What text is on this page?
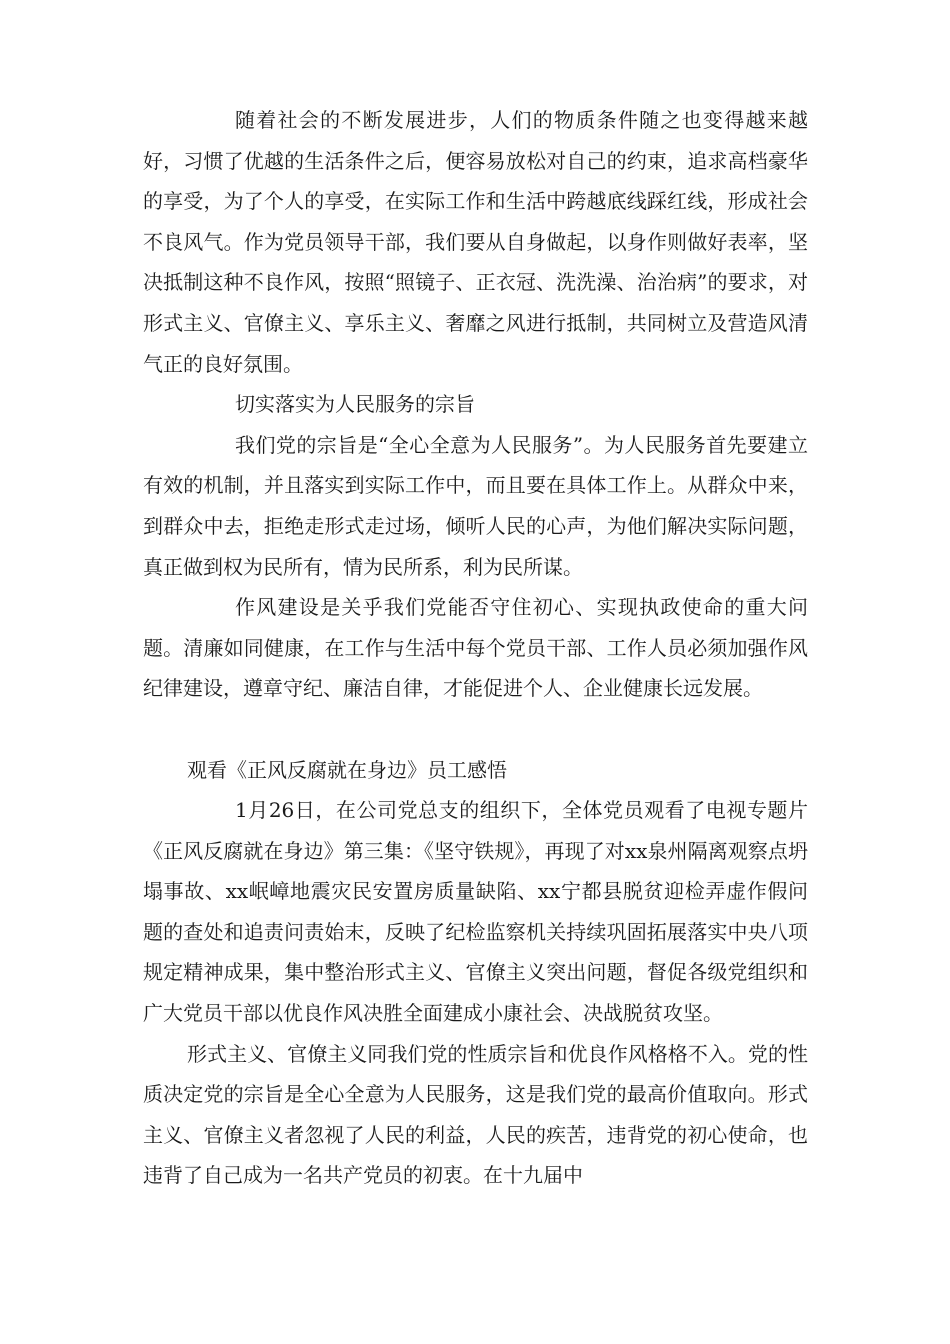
随着社会的不断发展进步，人们的物质条件随之也变得越来越好，习惯了优越的生活条件之后，便容易放松对自己的约束，追求高档豪华的享受，为了个人的享受，在实际工作和生活中跨越底线踩红线，形成社会不良风气。作为党员领导干部，我们要从自身做起，以身作则做好表率，坚决抵制这种不良作风，按照“照镜子、正衣冠、洗洗澡、治治病”的要求，对形式主义、官僚主义、享乐主义、奢靡之风进行抵制，共同树立及营造风清气正的良好氛围。

切实落实为人民服务的宗旨

我们党的宗旨是“全心全意为人民服务”。为人民服务首先要建立有效的机制，并且落实到实际工作中，而且要在具体工作上。从群众中来，到群众中去，拒绝走形式走过场，倾听人民的心声，为他们解决实际问题，真正做到权为民所有，情为民所系，利为民所谋。

作风建设是关乎我们党能否守住初心、实现执政使命的重大问题。清廉如同健康，在工作与生活中每个党员干部、工作人员必须加强作风纪律建设，遵章守纪、廉洁自律，才能促进个人、企业健康长远发展。

观看《正风反腐就在身边》员工感悟

1月26日，在公司党总支的组织下，全体党员观看了电视专题片《正风反腐就在身边》第三集：《坚守铁规》，再现了对xx泉州隔离观察点坍塌事故、xx岷嶂地震灾民安置房质量缺陷、xx宁都县脱贫迎检弄虚作假问题的查处和追责问责始末，反映了纪检监察机关持续巩固拓展落实中央八项规定精神成果，集中整治形式主义、官僚主义突出问题，督促各级党组织和广大党员干部以优良作风决胜全面建成小康社会、决战脱贫攻坚。

形式主义、官僚主义同我们党的性质宗旨和优良作风格格不入。党的性质决定党的宗旨是全心全意为人民服务，这是我们党的最高价值取向。形式主义、官僚主义者忽视了人民的利益，人民的疾苦，违背党的初心使命，也违背了自己成为一名共产党员的初衷。在十九届中
